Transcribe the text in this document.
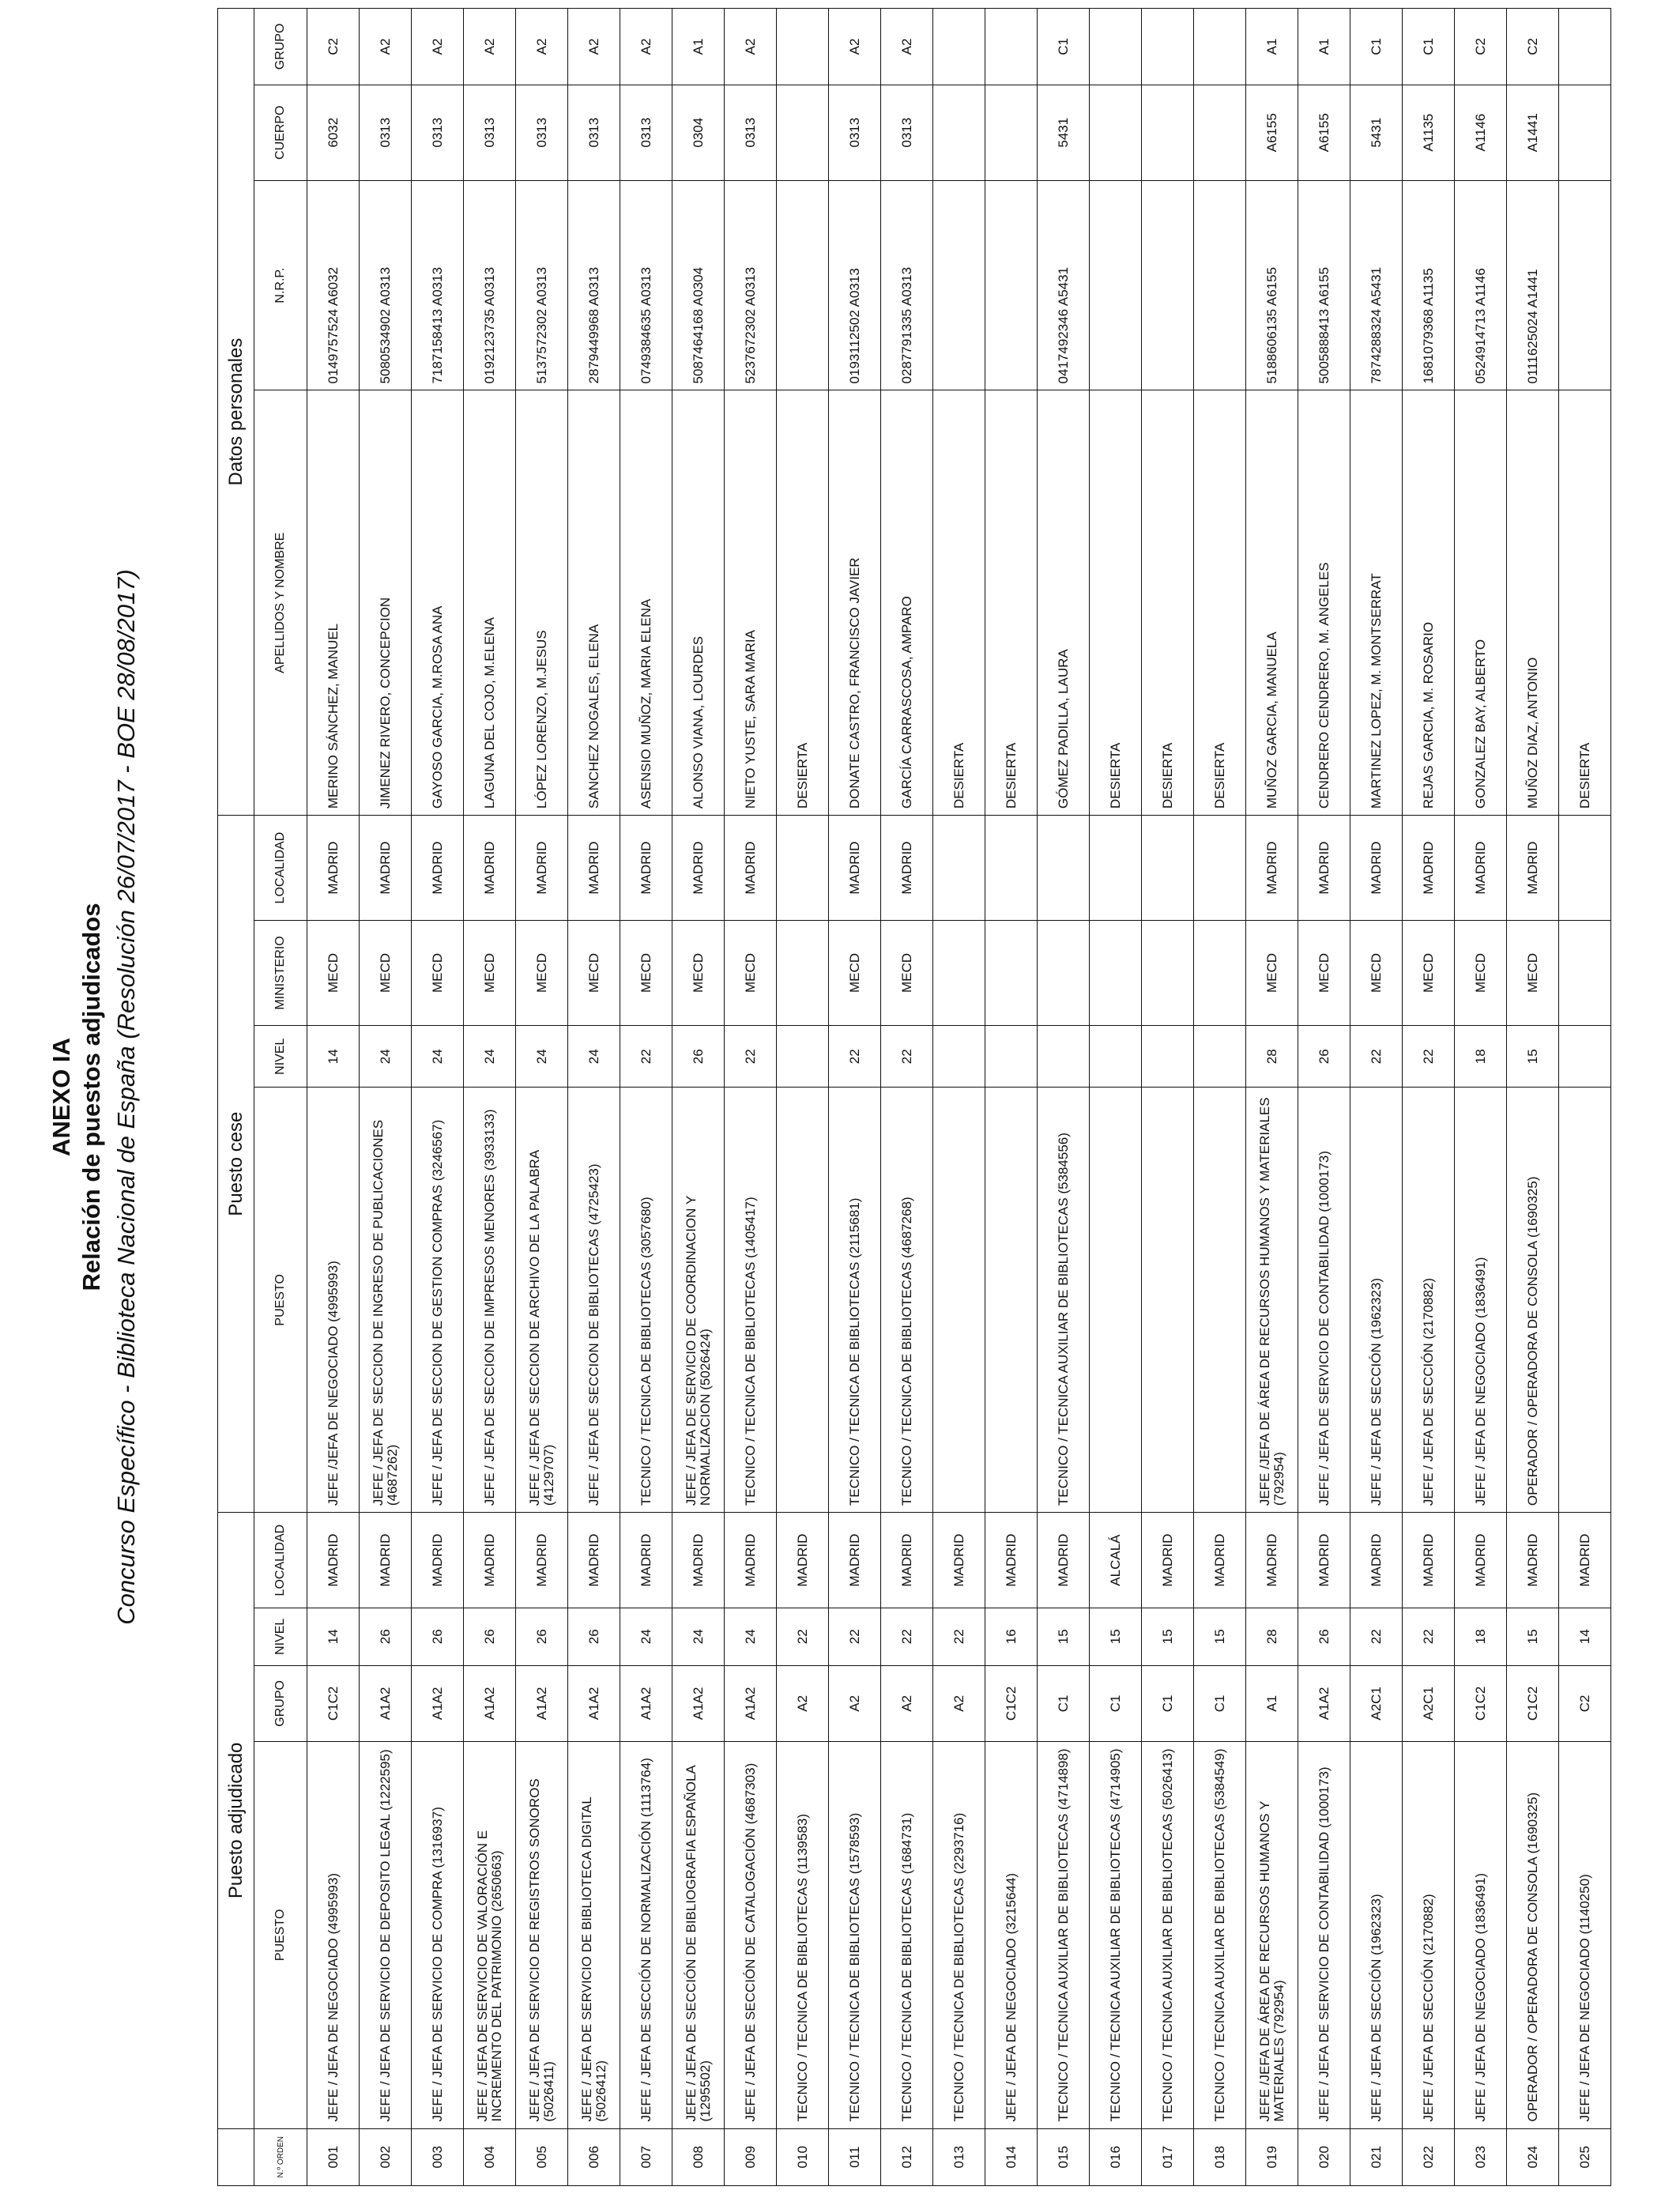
ANEXO IA Relación de puestos adjudicados Concurso Específico - Biblioteca Nacional de España (Resolución 26/07/2017 - BOE 28/08/2017)
	Puesto adjudicado				Puesto cese				Datos personales			
N.º ORDEN	PUESTO	GRUPO	NIVEL	LOCALIDAD	PUESTO	NIVEL	MINISTERIO	LOCALIDAD	APELLIDOS Y NOMBRE	N.R.P.	CUERPO	GRUPO
001	JEFE / JEFA DE NEGOCIADO (4995993)	C1C2	14	MADRID	JEFE /JEFA DE NEGOCIADO (4995993)	14	MECD	MADRID	MERINO SÁNCHEZ, MANUEL	0149757524 A6032	6032	C2
002	JEFE / JEFA DE SERVICIO DE DEPOSITO LEGAL (1222595)	A1A2	26	MADRID	JEFE / JEFA DE SECCION DE INGRESO DE PUBLICACIONES (4687262)	24	MECD	MADRID	JIMENEZ RIVERO, CONCEPCION	5080534902 A0313	0313	A2
003	JEFE / JEFA DE SERVICIO DE COMPRA (1316937)	A1A2	26	MADRID	JEFE / JEFA DE SECCION DE GESTION COMPRAS (3246567)	24	MECD	MADRID	GAYOSO GARCIA, M.ROSA ANA	7187158413 A0313	0313	A2
004	JEFE / JEFA DE SERVICIO DE VALORACIÓN E INCREMENTO DEL PATRIMONIO (2650663)	A1A2	26	MADRID	JEFE / JEFA DE SECCION DE IMPRESOS MENORES (3933133)	24	MECD	MADRID	LAGUNA DEL COJO, M.ELENA	0192123735 A0313	0313	A2
005	JEFE / JEFA DE SERVICIO DE REGISTROS SONOROS (5026411)	A1A2	26	MADRID	JEFE / JEFA DE SECCION DE ARCHIVO DE LA PALABRA (4129707)	24	MECD	MADRID	LÓPEZ LORENZO, M.JESUS	5137572302 A0313	0313	A2
006	JEFE / JEFA DE SERVICIO DE BIBLIOTECA DIGITAL (5026412)	A1A2	26	MADRID	JEFE / JEFA DE SECCION DE BIBLIOTECAS (4725423)	24	MECD	MADRID	SANCHEZ NOGALES, ELENA	2879449968 A0313	0313	A2
007	JEFE / JEFA DE SECCIÓN DE NORMALIZACIÓN (1113764)	A1A2	24	MADRID	TECNICO / TECNICA DE BIBLIOTECAS (3057680)	22	MECD	MADRID	ASENSIO MUÑOZ, MARIA ELENA	0749384635 A0313	0313	A2
008	JEFE / JEFA DE SECCIÓN DE BIBLIOGRAFIA ESPAÑOLA (1295502)	A1A2	24	MADRID	JEFE / JEFA DE SERVICIO DE COORDINACION Y NORMALIZACION (5026424)	26	MECD	MADRID	ALONSO VIANA, LOURDES	5087464168 A0304	0304	A1
009	JEFE / JEFA DE SECCIÓN DE CATALOGACIÓN (4687303)	A1A2	24	MADRID	TECNICO / TECNICA DE BIBLIOTECAS (1405417)	22	MECD	MADRID	NIETO YUSTE, SARA MARIA	5237672302 A0313	0313	A2
010	TECNICO / TECNICA DE BIBLIOTECAS (1139583)	A2	22	MADRID					DESIERTA			
011	TECNICO / TECNICA DE BIBLIOTECAS (1578593)	A2	22	MADRID	TECNICO / TECNICA DE BIBLIOTECAS (2115681)	22	MECD	MADRID	DONATE CASTRO, FRANCISCO JAVIER	0193112502 A0313	0313	A2
012	TECNICO / TECNICA DE BIBLIOTECAS (1684731)	A2	22	MADRID	TECNICO / TECNICA DE BIBLIOTECAS (4687268)	22	MECD	MADRID	GARCÍA CARRASCOSA, AMPARO	0287791335 A0313	0313	A2
013	TECNICO / TECNICA DE BIBLIOTECAS (2293716)	A2	22	MADRID					DESIERTA			
014	JEFE / JEFA DE NEGOCIADO (3215644)	C1C2	16	MADRID					DESIERTA			
015	TECNICO / TECNICA AUXILIAR DE BIBLIOTECAS (4714898)	C1	15	MADRID	TECNICO / TECNICA AUXILIAR DE BIBLIOTECAS (5384556)				GÓMEZ PADILLA, LAURA	0417492346 A5431	5431	C1
016	TECNICO / TECNICA AUXILIAR DE BIBLIOTECAS (4714905)	C1	15	ALCALÁ					DESIERTA			
017	TECNICO / TECNICA AUXILIAR DE BIBLIOTECAS (5026413)	C1	15	MADRID					DESIERTA			
018	TECNICO / TECNICA AUXILIAR DE BIBLIOTECAS (5384549)	C1	15	MADRID					DESIERTA			
019	JEFE /JEFA DE ÁREA DE RECURSOS HUMANOS Y MATERIALES (792954)	A1	28	MADRID	JEFE /JEFA DE ÁREA DE RECURSOS HUMANOS Y MATERIALES (792954)	28	MECD	MADRID	MUÑOZ GARCIA, MANUELA	5188606135 A6155	A6155	A1
020	JEFE / JEFA DE SERVICIO DE CONTABILIDAD (1000173)	A1A2	26	MADRID	JEFE / JEFA DE SERVICIO DE CONTABILIDAD (1000173)	26	MECD	MADRID	CENDRERO CENDRERO, M. ANGELES	5005888413 A6155	A6155	A1
021	JEFE / JEFA DE SECCIÓN (1962323)	A2C1	22	MADRID	JEFE / JEFA DE SECCIÓN (1962323)	22	MECD	MADRID	MARTINEZ LOPEZ, M. MONTSERRAT	7874288324 A5431	5431	C1
022	JEFE / JEFA DE SECCIÓN (2170882)	A2C1	22	MADRID	JEFE / JEFA DE SECCIÓN (2170882)	22	MECD	MADRID	REJAS GARCIA, M. ROSARIO	1681079368 A1135	A1135	C1
023	JEFE / JEFA DE NEGOCIADO (1836491)	C1C2	18	MADRID	JEFE / JEFA DE NEGOCIADO (1836491)	18	MECD	MADRID	GONZALEZ BAY, ALBERTO	0524914713 A1146	A1146	C2
024	OPERADOR / OPERADORA DE CONSOLA (1690325)	C1C2	15	MADRID	OPERADOR / OPERADORA DE CONSOLA (1690325)	15	MECD	MADRID	MUÑOZ DIAZ, ANTONIO	0111625024 A1441	A1441	C2
025	JEFE / JEFA DE NEGOCIADO (1140250)	C2	14	MADRID					DESIERTA			
